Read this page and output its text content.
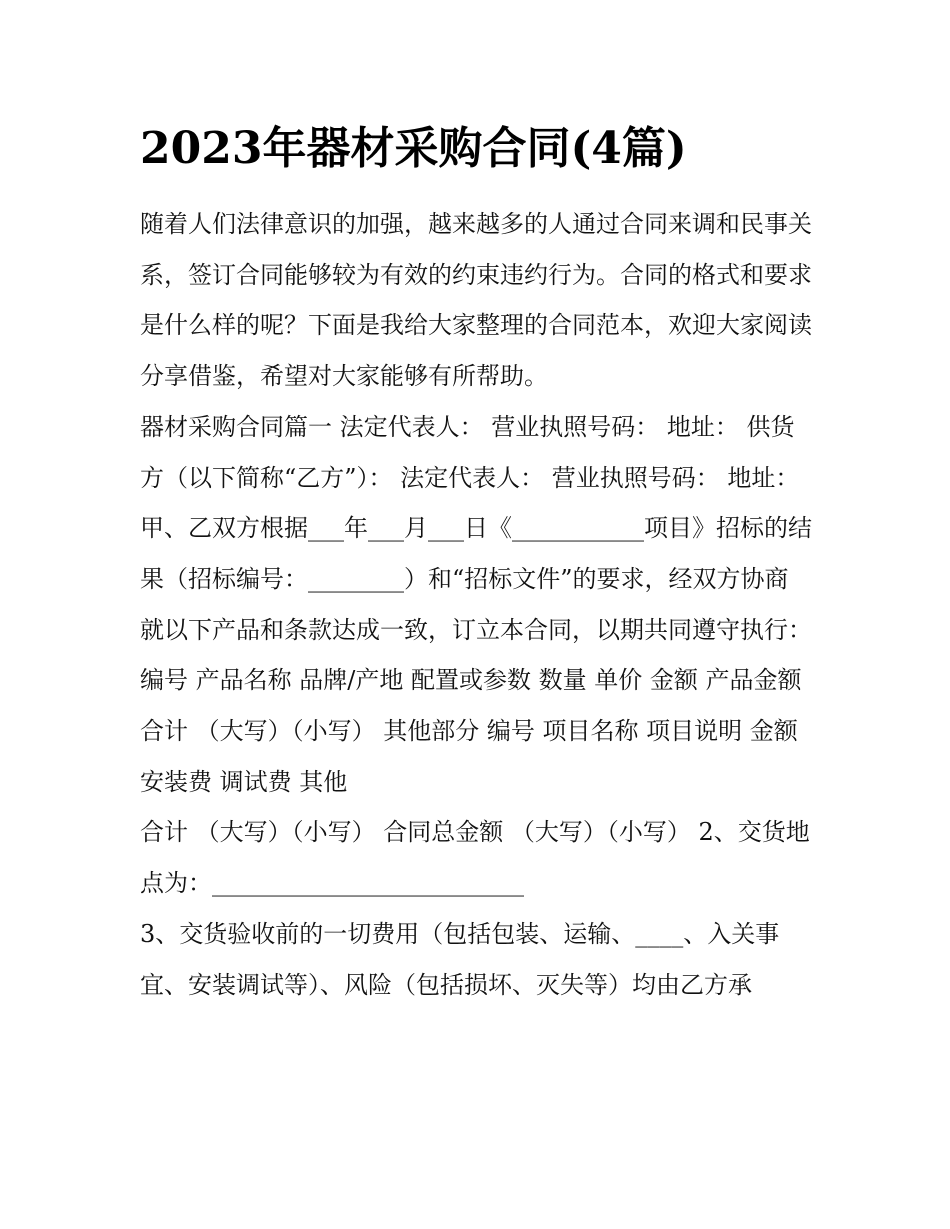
2023年器材采购合同(4篇)

随着人们法律意识的加强，越来越多的人通过合同来调和民事关系，签订合同能够较为有效的约束违约行为。合同的格式和要求是什么样的呢？下面是我给大家整理的合同范本，欢迎大家阅读分享借鉴，希望对大家能够有所帮助。

器材采购合同篇一 法定代表人： 营业执照号码： 地址： 供货方（以下简称“乙方”）： 法定代表人： 营业执照号码： 地址：

甲、乙双方根据___年___月___日《___________项目》招标的结果（招标编号：________）和“招标文件”的要求，经双方协商就以下产品和条款达成一致，订立本合同，以期共同遵守执行：

编号 产品名称 品牌/产地 配置或参数 数量 单价 金额 产品金额合计 （大写）（小写） 其他部分 编号 项目名称 项目说明 金额 安装费 调试费 其他

合计 （大写）（小写） 合同总金额 （大写）（小写） 2、交货地点为：__________________________

3、交货验收前的一切费用（包括包装、运输、____、入关事宜、安装调试等）、风险（包括损坏、灭失等）均由乙方承
